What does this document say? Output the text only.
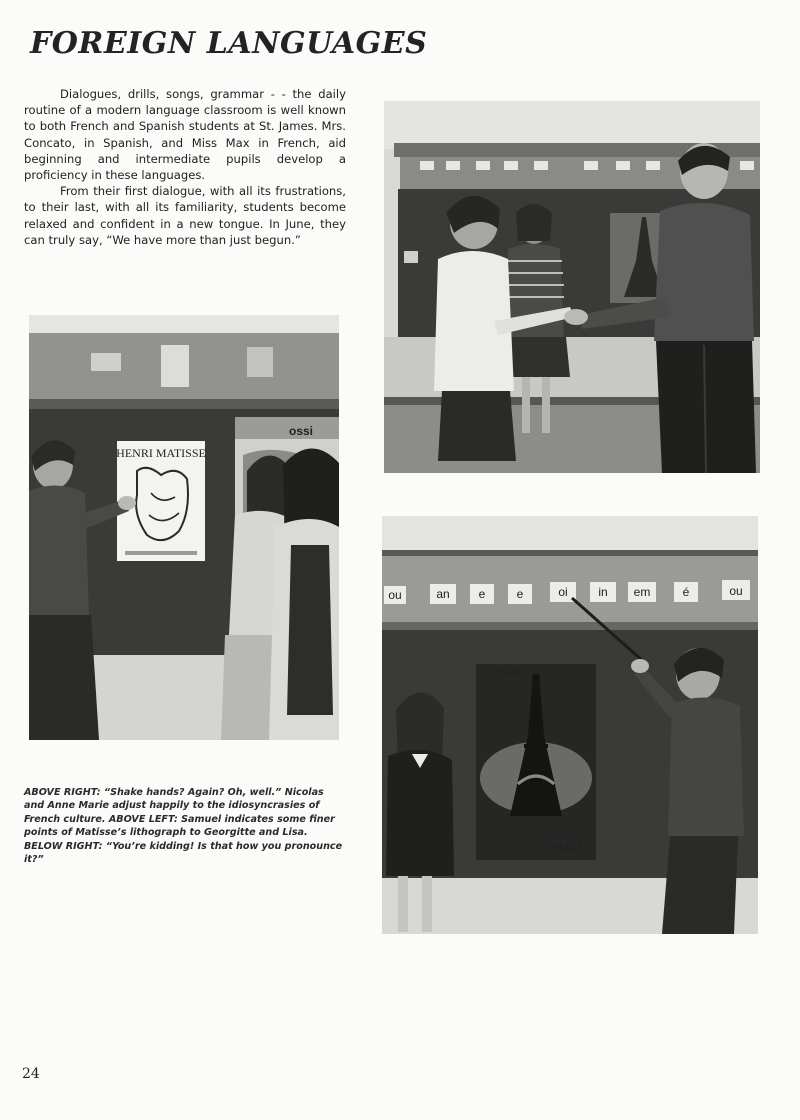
FOREIGN LANGUAGES

Dialogues, drills, songs, grammar - - the daily routine of a modern language classroom is well known to both French and Spanish students at St. James. Mrs. Concato, in Spanish, and Miss Max in French, aid beginning and intermediate pupils develop a proficiency in these languages.

From their first dialogue, with all its frustrations, to their last, with all its familiarity, students become relaxed and confident in a new tongue. In June, they can truly say, “We have more than just begun.”

HENRI MATISSE
ossi
ou	an e	e	oi	in em	é	ou
PARIS
PARIS
ABOVE RIGHT: “Shake hands? Again? Oh, well.” Nicolas and Anne Marie adjust happily to the idiosyncrasies of French culture. ABOVE LEFT: Samuel indicates some finer points of Matisse’s lithograph to Georgitte and Lisa. BELOW RIGHT: “You’re kidding! Is that how you pronounce it?”
24
